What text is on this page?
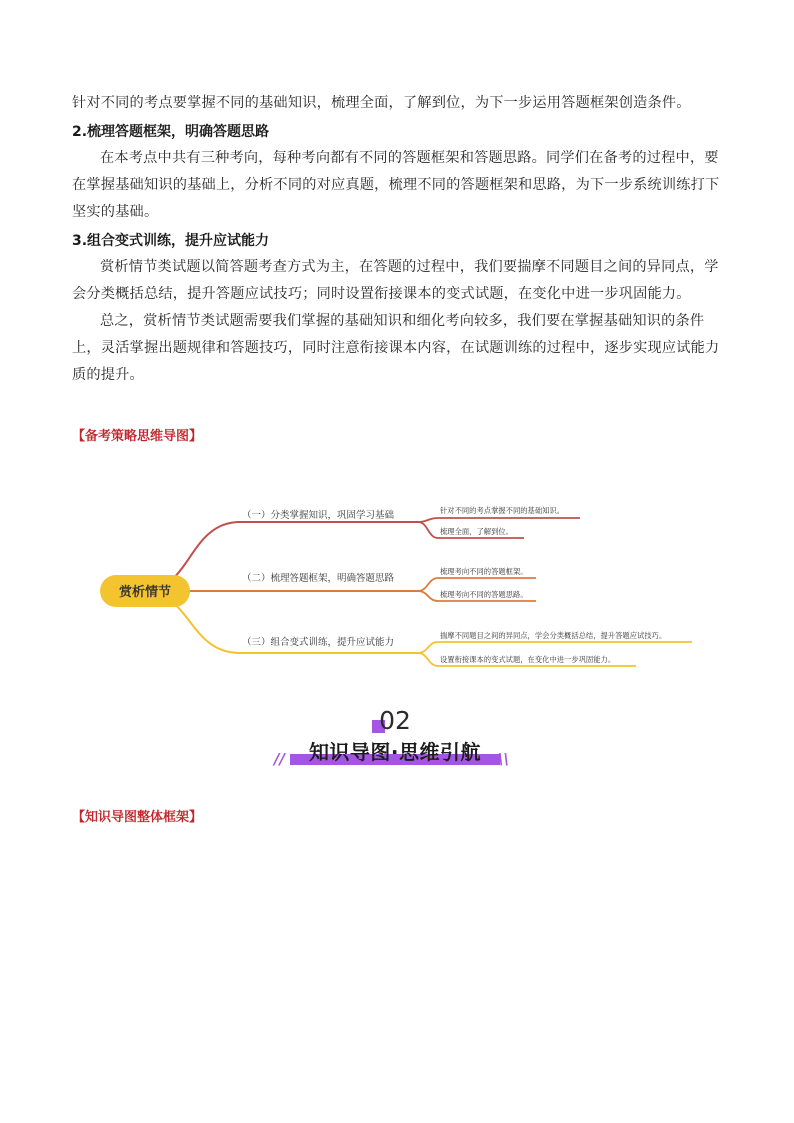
针对不同的考点要掌握不同的基础知识，梳理全面，了解到位，为下一步运用答题框架创造条件。

2.梳理答题框架，明确答题思路

在本考点中共有三种考向，每种考向都有不同的答题框架和答题思路。同学们在备考的过程中，要在掌握基础知识的基础上，分析不同的对应真题，梳理不同的答题框架和思路，为下一步系统训练打下坚实的基础。

3.组合变式训练，提升应试能力

赏析情节类试题以简答题考查方式为主，在答题的过程中，我们要揣摩不同题目之间的异同点，学会分类概括总结，提升答题应试技巧；同时设置衔接课本的变式试题，在变化中进一步巩固能力。

总之，赏析情节类试题需要我们掌握的基础知识和细化考向较多，我们要在掌握基础知识的条件上，灵活掌握出题规律和答题技巧，同时注意衔接课本内容，在试题训练的过程中，逐步实现应试能力质的提升。

【备考策略思维导图】

赏析情节
（一）分类掌握知识，巩固学习基础
（二）梳理答题框架，明确答题思路
（三）组合变式训练，提升应试能力
针对不同的考点掌握不同的基础知识。
梳理全面，了解到位。
梳理考向不同的答题框架。
梳理考向不同的答题思路。
揣摩不同题目之间的异同点，学会分类概括总结，提升答题应试技巧。
设置衔接课本的变式试题，在变化中进一步巩固能力。
02
//	知识导图·思维引航	\\

【知识导图整体框架】
